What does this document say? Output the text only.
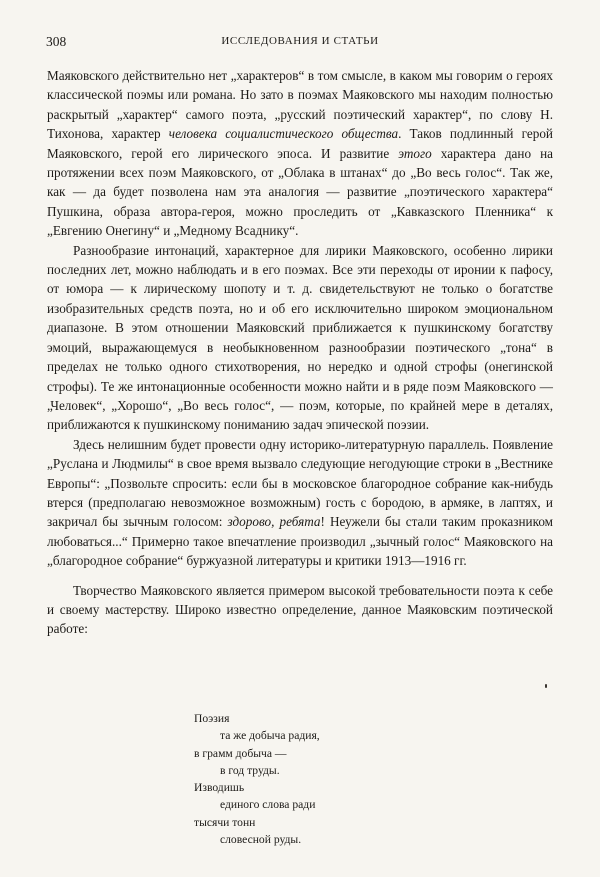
308	ИССЛЕДОВАНИЯ И СТАТЬИ

Маяковского действительно нет „характеров“ в том смысле, в каком мы говорим о героях классической поэмы или романа. Но зато в поэмах Маяковского мы находим полностью раскрытый „характер“ самого поэта, „русский поэтический характер“, по слову Н. Тихонова, характер человека социалистического общества. Таков подлинный герой Маяковского, герой его лирического эпоса. И развитие этого характера дано на протяжении всех поэм Маяковского, от „Облака в штанах“ до „Во весь голос“. Так же, как — да будет позволена нам эта аналогия — развитие „поэтического характера“ Пушкина, образа автора-героя, можно проследить от „Кавказского Пленника“ к „Евгению Онегину“ и „Медному Всаднику“.

Разнообразие интонаций, характерное для лирики Маяковского, особенно лирики последних лет, можно наблюдать и в его поэмах. Все эти переходы от иронии к пафосу, от юмора — к лирическому шопоту и т. д. свидетельствуют не только о богатстве изобразительных средств поэта, но и об его исключительно широком эмоциональном диапазоне. В этом отношении Маяковский приближается к пушкинскому богатству эмоций, выражающемуся в необыкновенном разнообразии поэтического „тона“ в пределах не только одного стихотворения, но нередко и одной строфы (онегинской строфы). Те же интонационные особенности можно найти и в ряде поэм Маяковского — „Человек“, „Хорошо“, „Во весь голос“, — поэм, которые, по крайней мере в деталях, приближаются к пушкинскому пониманию задач эпической поэзии.

Здесь нелишним будет провести одну историко-литературную параллель. Появление „Руслана и Людмилы“ в свое время вызвало следующие негодующие строки в „Вестнике Европы“: „Позвольте спросить: если бы в московское благородное собрание как-нибудь втерся (предполагаю невозможное возможным) гость с бородою, в армяке, в лаптях, и закричал бы зычным голосом: здорово, ребята! Неужели бы стали таким проказником любоваться...“ Примерно такое впечатление производил „зычный голос“ Маяковского на „благородное собрание“ буржуазной литературы и критики 1913—1916 гг.

Творчество Маяковского является примером высокой требовательности поэта к себе и своему мастерству. Широко известно определение, данное Маяковским поэтической работе:

Поэзия
та же добыча радия,
в грамм добыча —
в год труды.
Изводишь
единого слова ради
тысячи тонн
словесной руды.
